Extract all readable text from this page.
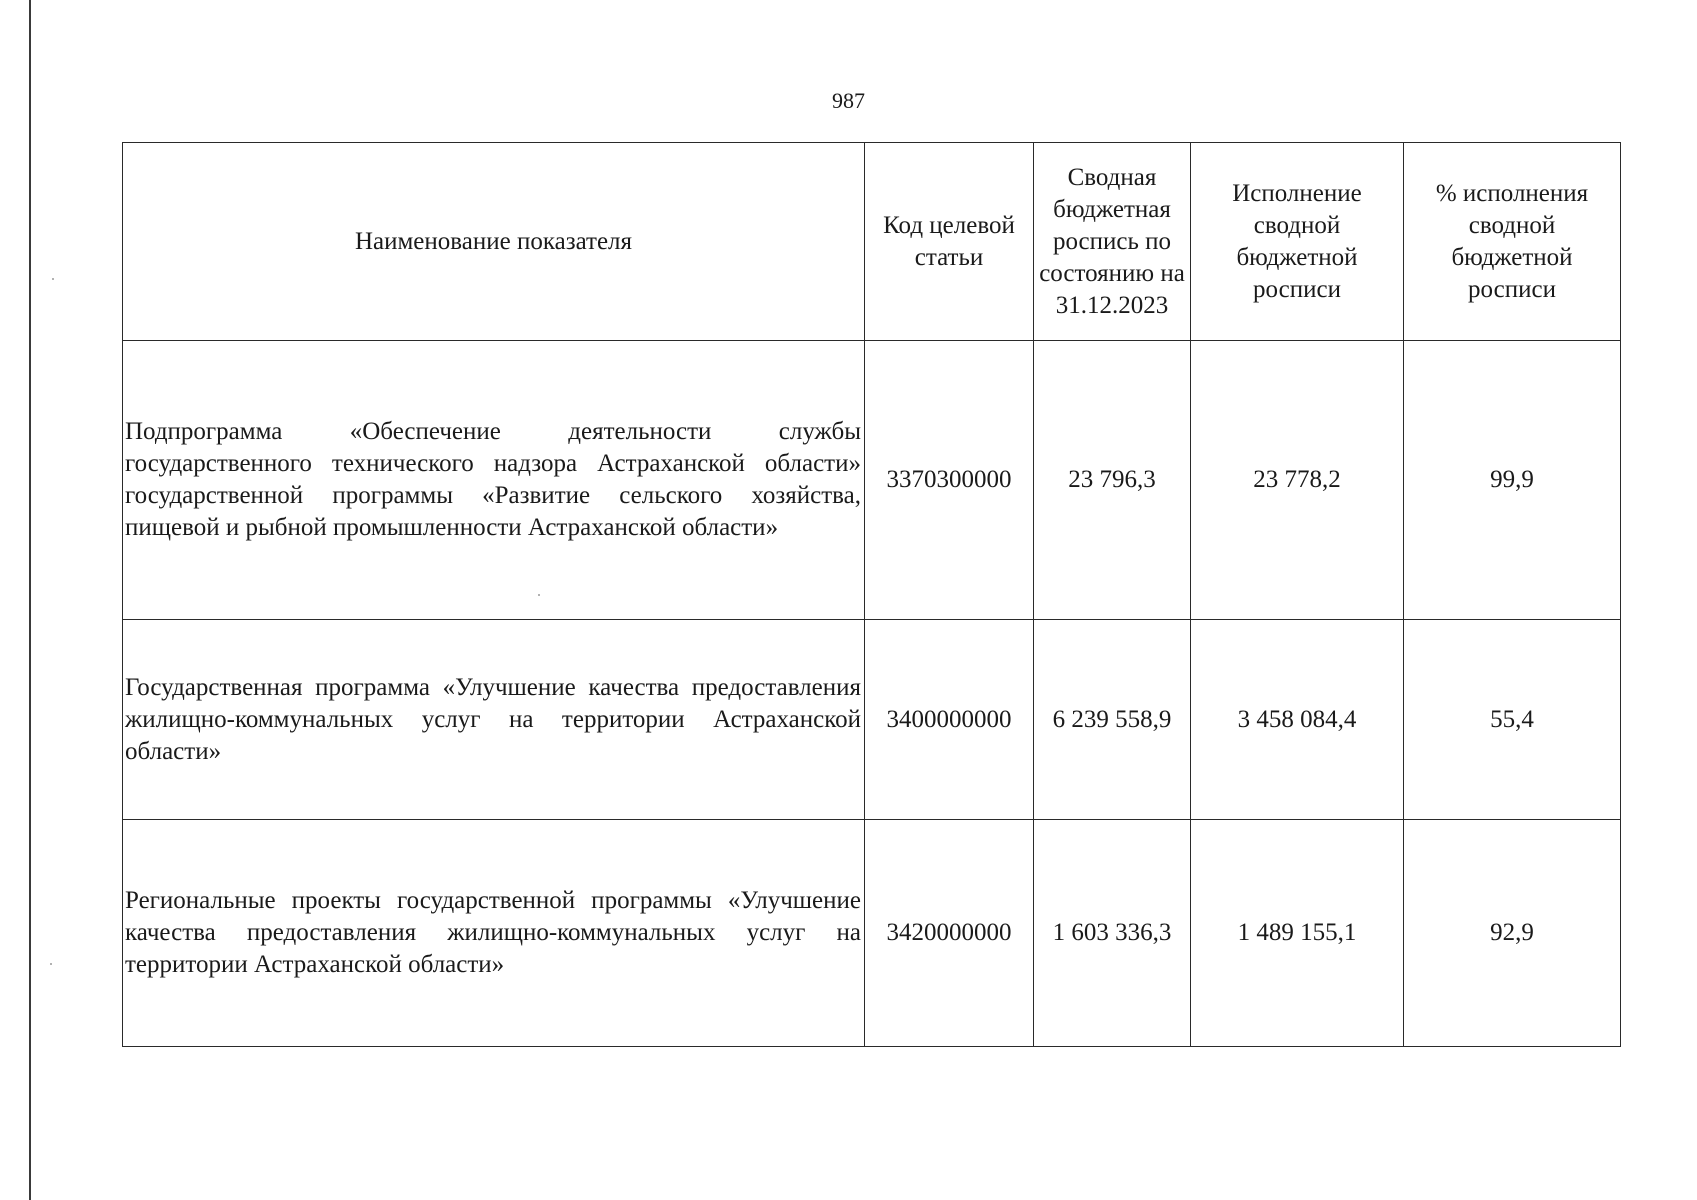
987
Наименование показателя	Код целевой статьи	Сводная бюджетная роспись по состоянию на 31.12.2023	Исполнение сводной бюджетной росписи	% исполнения сводной бюджетной росписи
Подпрограмма «Обеспечение деятельности службы государственного технического надзора Астраханской области» государственной программы «Развитие сельского хозяйства, пищевой и рыбной промышленности Астраханской области»	3370300000	23 796,3	23 778,2	99,9
Государственная программа «Улучшение качества предоставления жилищно-коммунальных услуг на территории Астраханской области»	3400000000	6 239 558,9	3 458 084,4	55,4
Региональные проекты государственной программы «Улучшение качества предоставления жилищно-коммунальных услуг на территории Астраханской области»	3420000000	1 603 336,3	1 489 155,1	92,9
